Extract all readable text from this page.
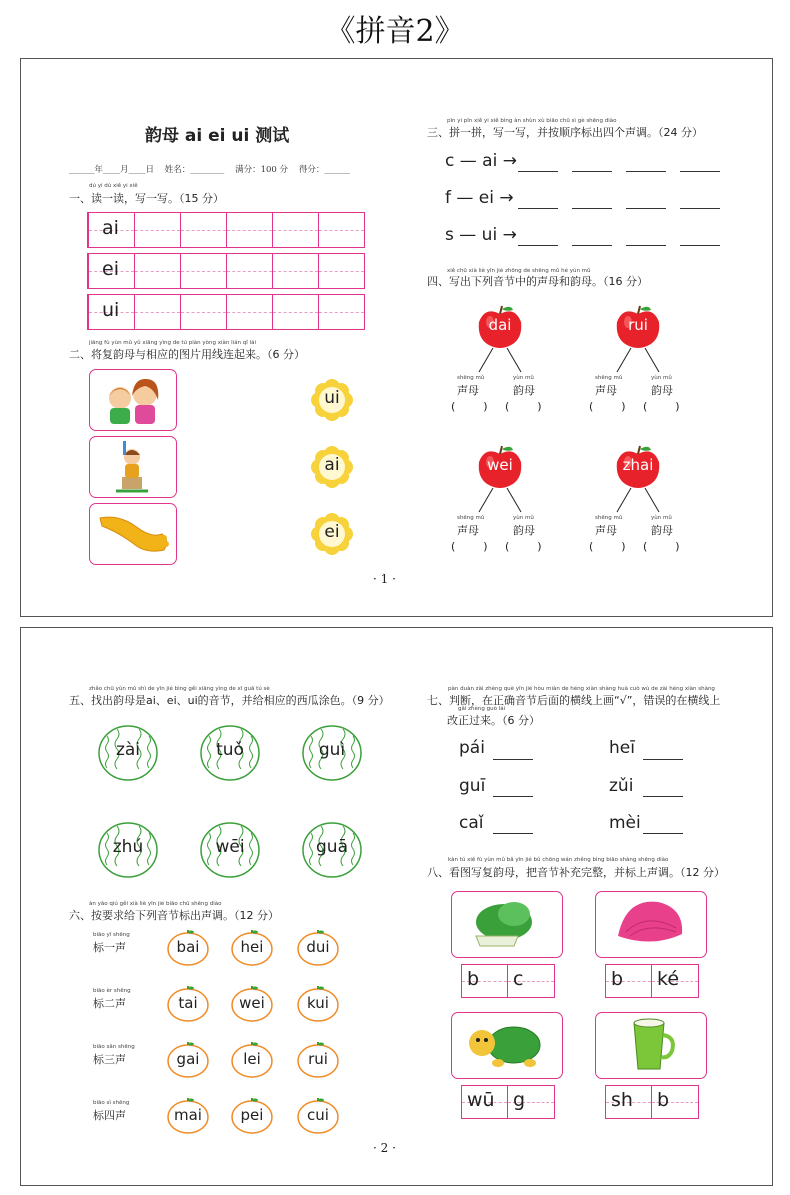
《拼音2》
韵母 ai ei ui 测试
______年____月____日    姓名：________    满分：100 分    得分：______
dú yi dú xiě yi xiě
一、读一读，写一写。（15 分）
ai
ei
ui
jiāng fù yùn mǔ yǔ xiāng yìng de tú piàn yòng xiàn lián qǐ lái
二、将复韵母与相应的图片用线连起来。（6 分）
ui
ai
ei
pīn yi pīn xiě yi xiě bìng àn shùn xù biāo chū sì gè shēng diào
三、拼一拼，写一写，并按顺序标出四个声调。（24 分）
c — ai →
f — ei →
s — ui →
xiě chū xià liè yīn jié zhōng de shēng mǔ hé yùn mǔ
四、写出下列音节中的声母和韵母。（16 分）
dai
shēng mǔ
声母
yùn mǔ
韵母
(        ) (        )
rui
shēng mǔ
声母
yùn mǔ
韵母
(        ) (        )
wei
shēng mǔ
声母
yùn mǔ
韵母
(        ) (        )
zhai
shēng mǔ
声母
yùn mǔ
韵母
(        ) (        )
· 1 ·
zhǎo chū yùn mǔ shì de yīn jié bìng gěi xiāng yìng de xī guā tú sè
五、找出韵母是ai、ei、ui的音节，并给相应的西瓜涂色。（9 分）
zài	tuǒ	guì
zhú	wēi	guā
àn yāo qiú gěi xià liè yīn jié biāo chū shēng diào
六、按要求给下列音节标出声调。（12 分）
biāo yī shēng
标一声	bai	hei	dui
biāo èr shēng
标二声	tai	wei	kui
biāo sān shēng
标三声	gai	lei	rui
biāo sì shēng
标四声	mai	pei	cui
pàn duàn zài zhèng què yīn jié hòu miàn de héng xiàn shàng huà cuò wù de zài héng xiàn shàng
七、判断，在正确音节后面的横线上画“√”，错误的在横线上
gǎi zhèng guò lái
改正过来。（6 分）
pái	heī
guī	zǔi
caǐ	mèi
kàn tú xiě fù yùn mǔ bǎ yīn jié bǔ chōng wán zhěng bìng biāo shàng shēng diào
八、看图写复韵母，把音节补充完整，并标上声调。（12 分）
b c	b ké
wū g	sh b
· 2 ·
